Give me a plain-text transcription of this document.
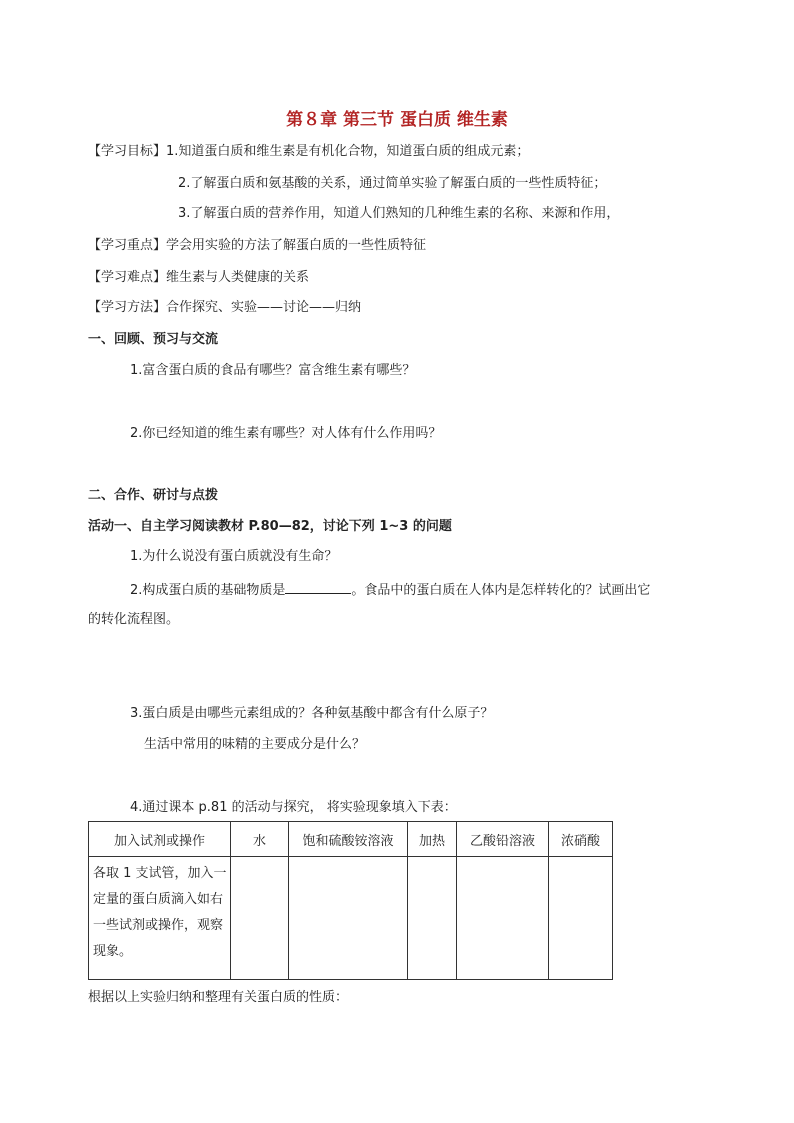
第８章 第三节 蛋白质 维生素
【学习目标】1.知道蛋白质和维生素是有机化合物，知道蛋白质的组成元素；
2.了解蛋白质和氨基酸的关系，通过简单实验了解蛋白质的一些性质特征；
3.了解蛋白质的营养作用，知道人们熟知的几种维生素的名称、来源和作用，
【学习重点】学会用实验的方法了解蛋白质的一些性质特征
【学习难点】维生素与人类健康的关系
【学习方法】合作探究、实验——讨论——归纳
一、回顾、预习与交流
1.富含蛋白质的食品有哪些？富含维生素有哪些？
2.你已经知道的维生素有哪些？对人体有什么作用吗？
二、合作、研讨与点拨
活动一、自主学习阅读教材 P.80—82，讨论下列 1~3 的问题
1.为什么说没有蛋白质就没有生命？
2.构成蛋白质的基础物质是	。食品中的蛋白质在人体内是怎样转化的？试画出它
的转化流程图。
3.蛋白质是由哪些元素组成的？各种氨基酸中都含有什么原子？
生活中常用的味精的主要成分是什么？
4.通过课本 p.81 的活动与探究， 将实验现象填入下表：
加入试剂或操作	水	饱和硫酸铵溶液	加热	乙酸铅溶液	浓硝酸
各取 1 支试管，加入一定量的蛋白质滴入如右一些试剂或操作，观察现象。					
根据以上实验归纳和整理有关蛋白质的性质：
